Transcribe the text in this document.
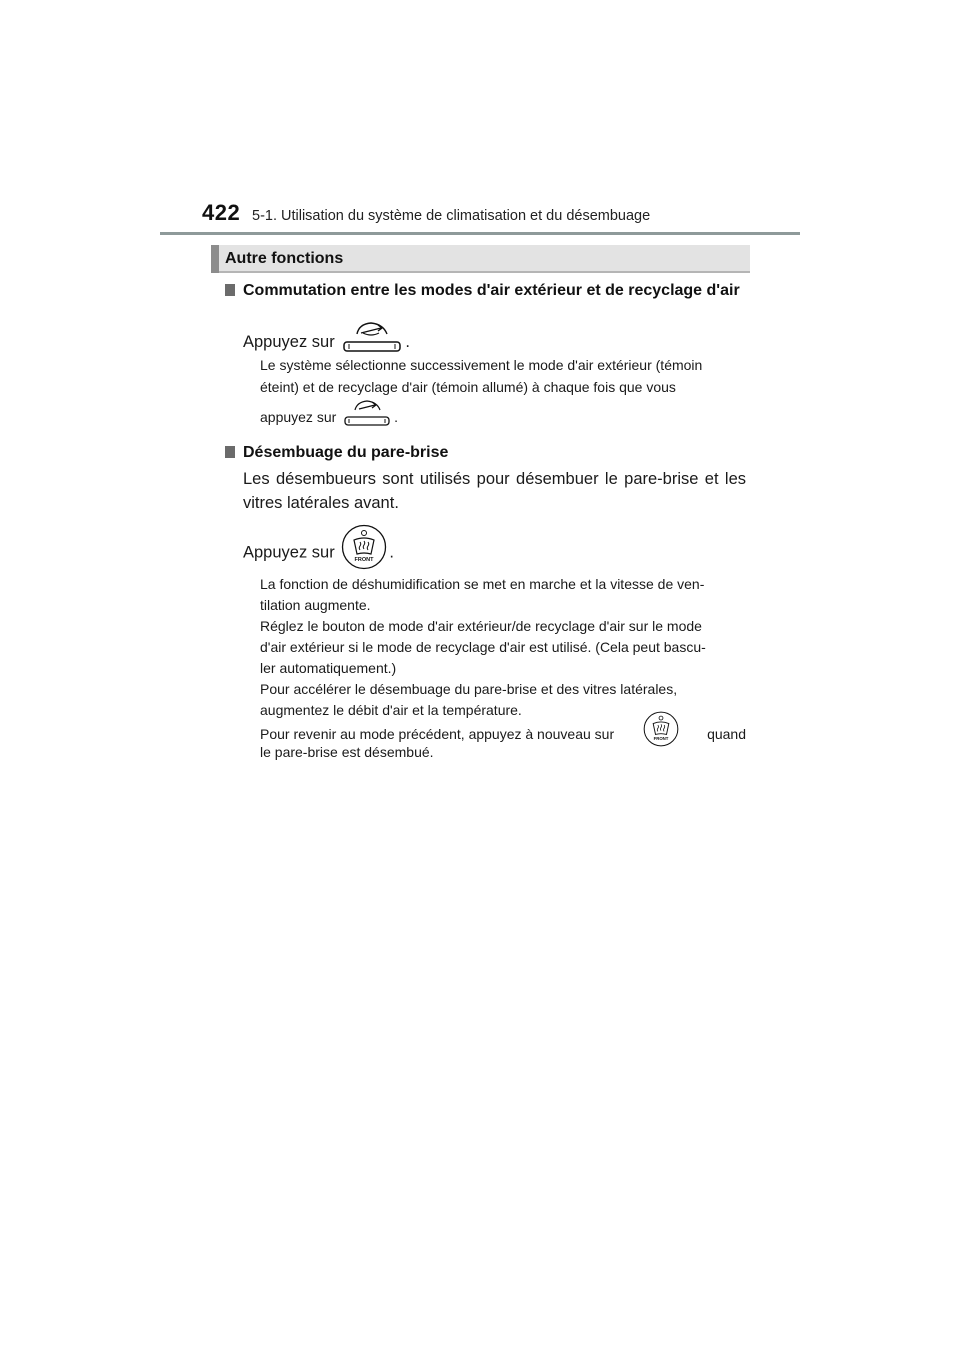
422 5-1. Utilisation du système de climatisation et du désembuage
Autre fonctions
Commutation entre les modes d'air extérieur et de recyclage d'air
Appuyez sur	.
Le système sélectionne successivement le mode d'air extérieur (témoin
éteint) et de recyclage d'air (témoin allumé) à chaque fois que vous
appuyez sur	.
Désembuage du pare-brise
Les désembueurs sont utilisés pour désembuer le pare-brise et les vitres latérales avant.
Appuyez sur	FRONT .
La fonction de déshumidification se met en marche et la vitesse de ven-
tilation augmente.
Réglez le bouton de mode d'air extérieur/de recyclage d'air sur le mode
d'air extérieur si le mode de recyclage d'air est utilisé. (Cela peut bascu-
ler automatiquement.)
Pour accélérer le désembuage du pare-brise et des vitres latérales,
augmentez le débit d'air et la température.
Pour revenir au mode précédent, appuyez à nouveau sur	FRONT	quand
le pare-brise est désembué.
